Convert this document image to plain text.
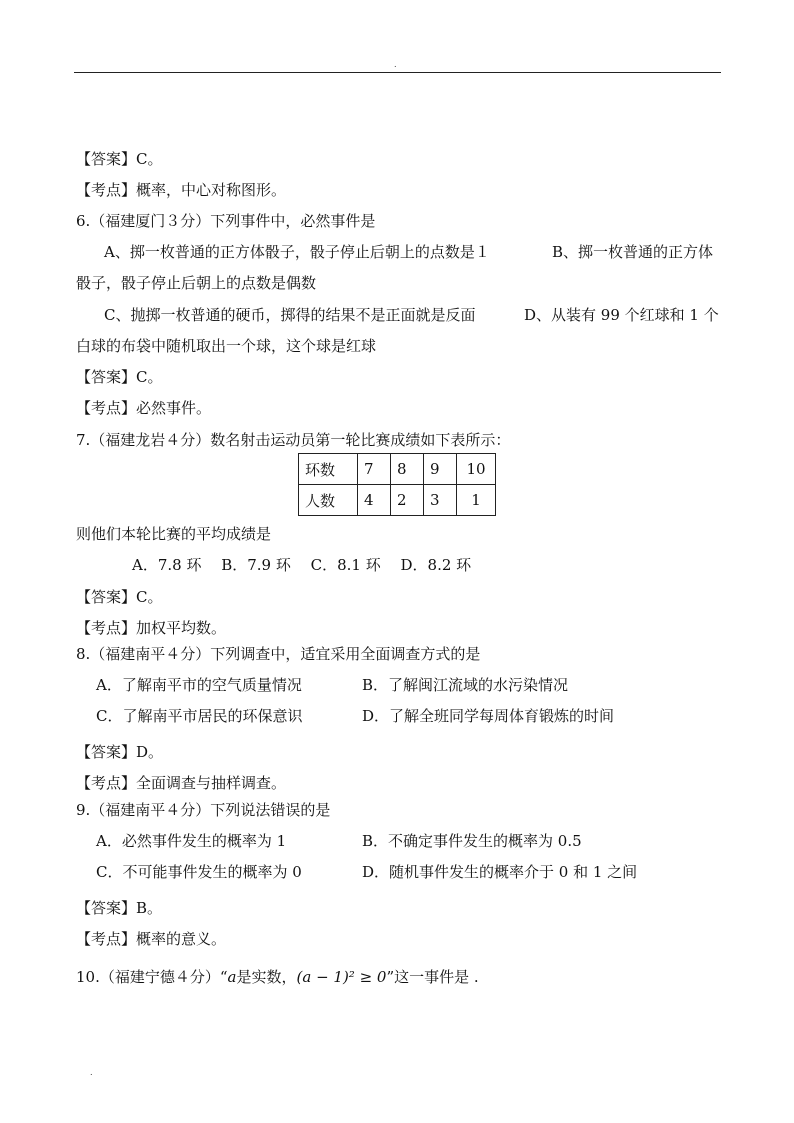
.
【答案】C。
【考点】概率，中心对称图形。
6.（福建厦门３分）下列事件中，必然事件是
A、掷一枚普通的正方体骰子，骰子停止后朝上的点数是１	B、掷一枚普通的正方体
骰子，骰子停止后朝上的点数是偶数
C、抛掷一枚普通的硬币，掷得的结果不是正面就是反面	D、从装有 99 个红球和 1 个
白球的布袋中随机取出一个球，这个球是红球
【答案】C。
【考点】必然事件。
7.（福建龙岩４分）数名射击运动员第一轮比赛成绩如下表所示：
环数	7	8	9	10
人数	4	2	3	1
则他们本轮比赛的平均成绩是
A．7.8 环　 B．7.9 环　 C．8.1 环　 D．8.2 环
【答案】C。
【考点】加权平均数。
8.（福建南平４分）下列调查中，适宜采用全面调查方式的是
A．了解南平市的空气质量情况	B．了解闽江流域的水污染情况
C．了解南平市居民的环保意识	D．了解全班同学每周体育锻炼的时间
【答案】D。
【考点】全面调查与抽样调查。
9.（福建南平４分）下列说法错误的是
A．必然事件发生的概率为 1	B．不确定事件发生的概率为 0.5
C．不可能事件发生的概率为 0	D．随机事件发生的概率介于 0 和 1 之间
【答案】B。
【考点】概率的意义。
10.（福建宁德４分）“a是实数，(a − 1)² ≥ 0”这一事件是 .
.
